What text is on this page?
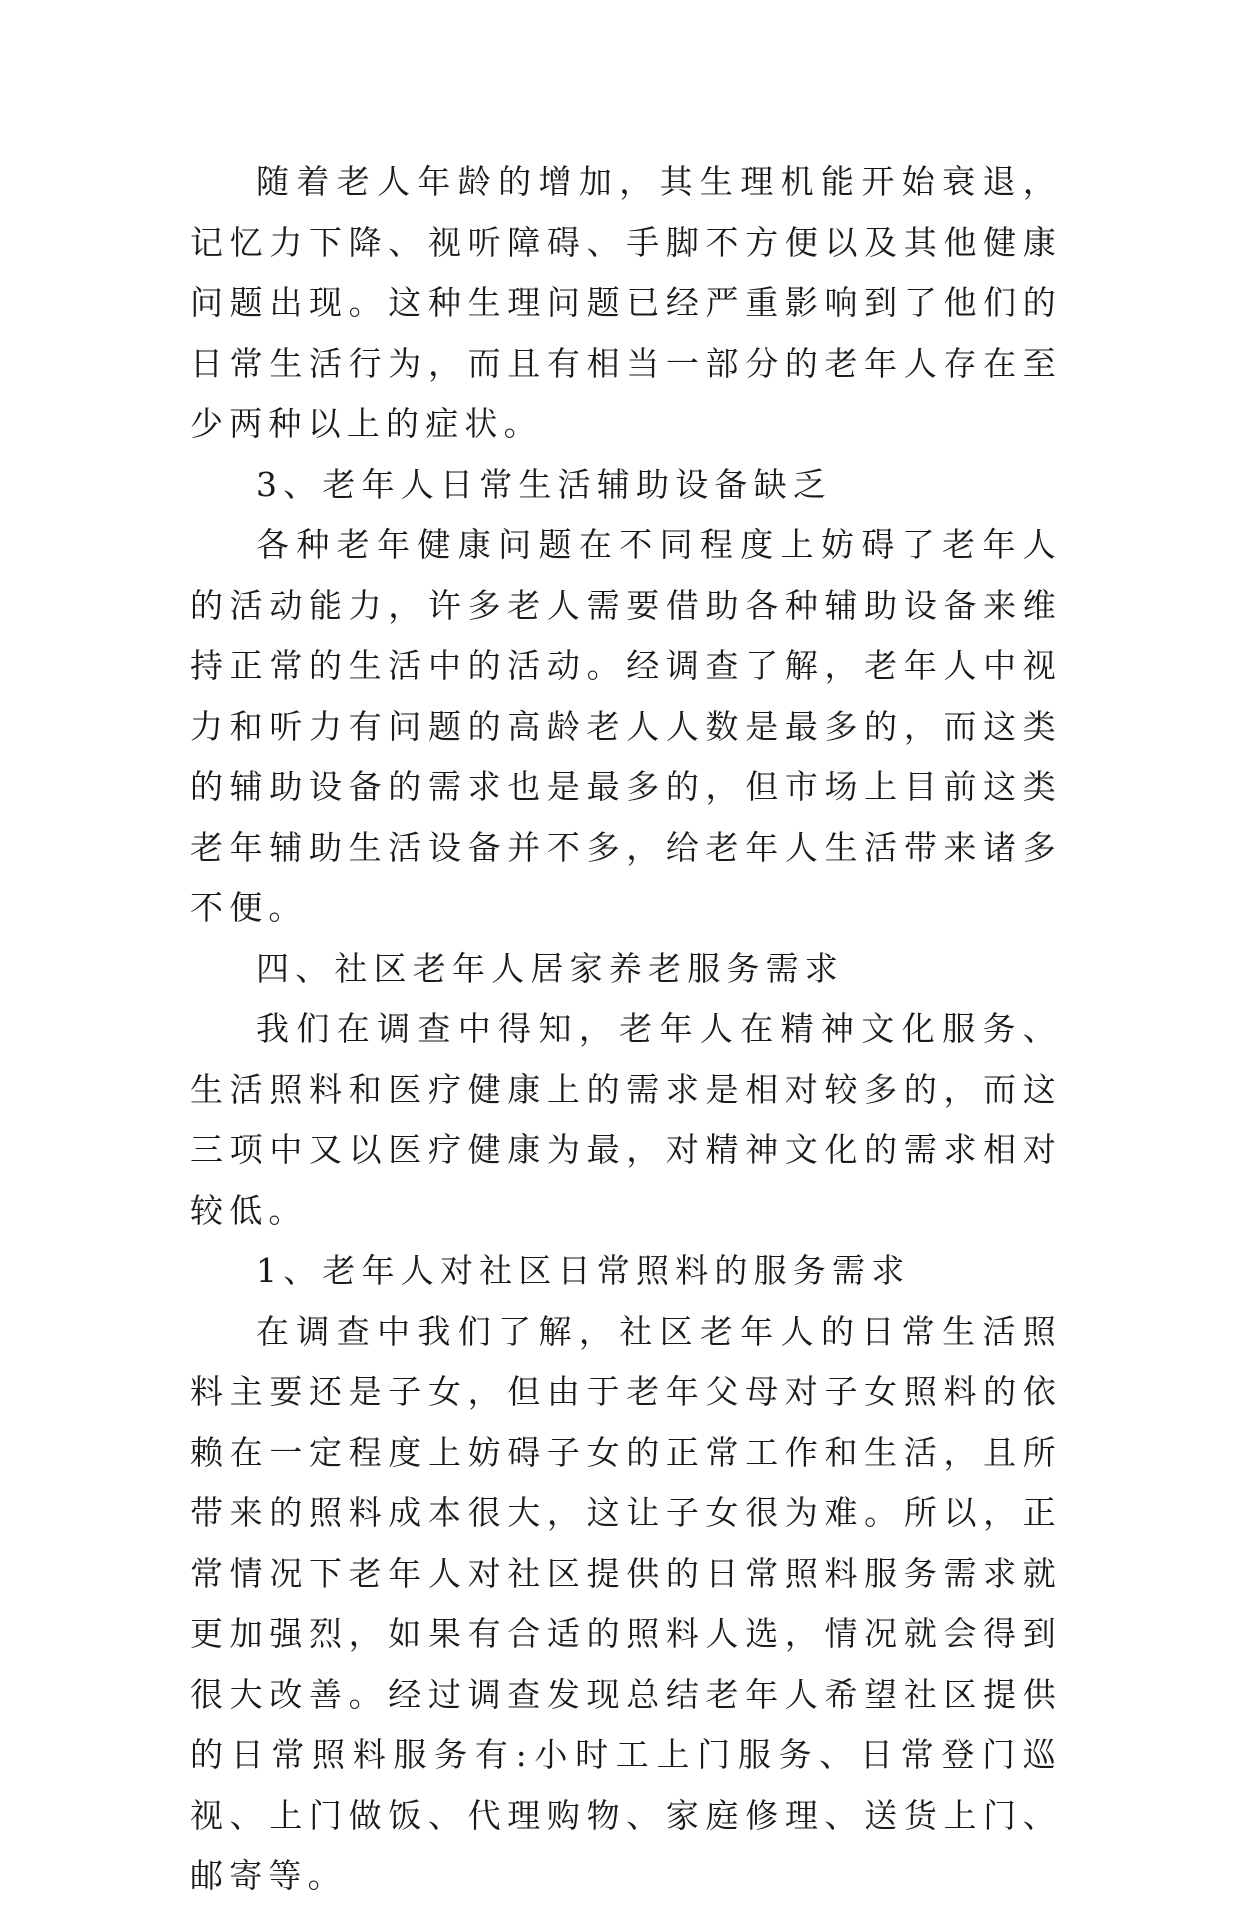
随着老人年龄的增加，其生理机能开始衰退，记忆力下降、视听障碍、手脚不方便以及其他健康问题出现。这种生理问题已经严重影响到了他们的日常生活行为，而且有相当一部分的老年人存在至少两种以上的症状。

3、老年人日常生活辅助设备缺乏

各种老年健康问题在不同程度上妨碍了老年人的活动能力，许多老人需要借助各种辅助设备来维持正常的生活中的活动。经调查了解，老年人中视力和听力有问题的高龄老人人数是最多的，而这类的辅助设备的需求也是最多的，但市场上目前这类老年辅助生活设备并不多，给老年人生活带来诸多不便。

四、社区老年人居家养老服务需求

我们在调查中得知，老年人在精神文化服务、生活照料和医疗健康上的需求是相对较多的，而这三项中又以医疗健康为最，对精神文化的需求相对较低。

1、老年人对社区日常照料的服务需求

在调查中我们了解，社区老年人的日常生活照料主要还是子女，但由于老年父母对子女照料的依赖在一定程度上妨碍子女的正常工作和生活，且所带来的照料成本很大，这让子女很为难。所以，正常情况下老年人对社区提供的日常照料服务需求就更加强烈，如果有合适的照料人选，情况就会得到很大改善。经过调查发现总结老年人希望社区提供的日常照料服务有:小时工上门服务、日常登门巡视、上门做饭、代理购物、家庭修理、送货上门、邮寄等。
